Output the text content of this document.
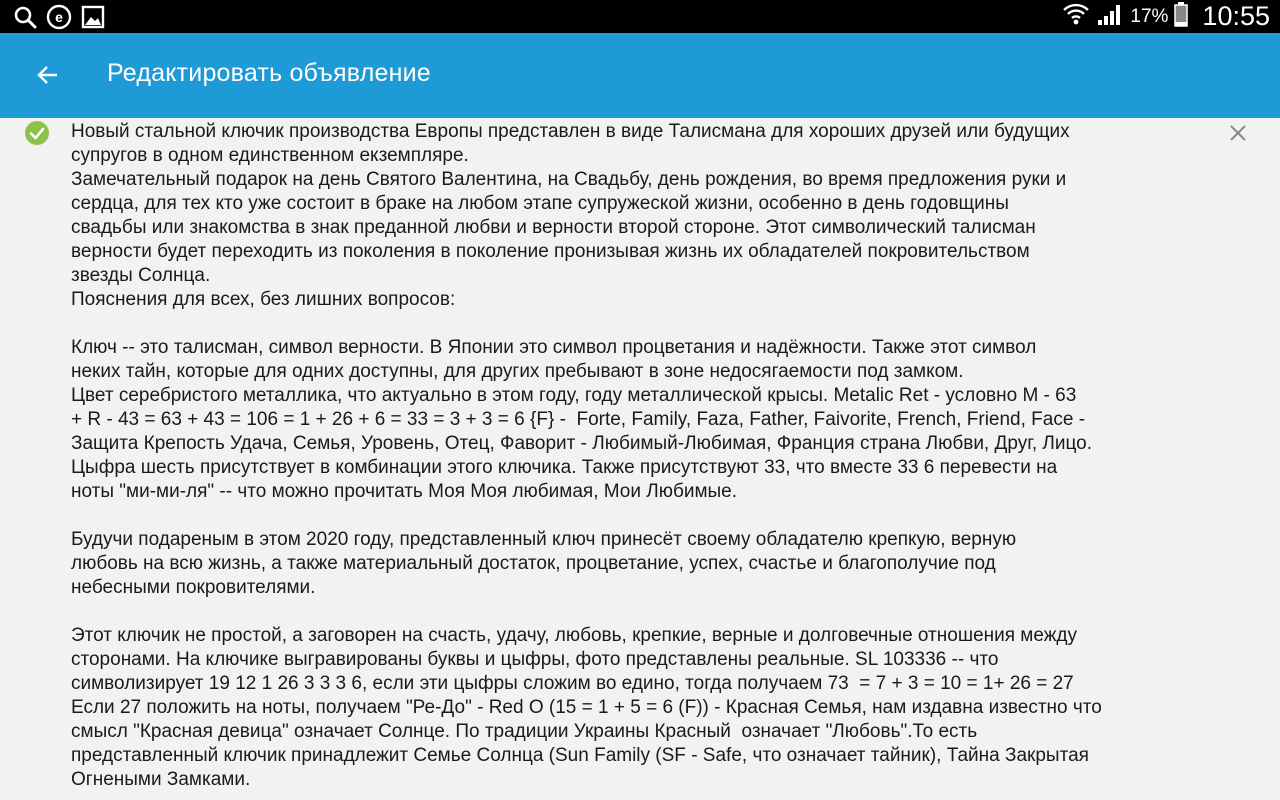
e	17% 10:55
Редактировать объявление

Новый стальной ключик производства Европы представлен в виде Талисмана для хороших друзей или будущих
супругов в одном единственном екземпляре.
Замечательный подарок на день Святого Валентина, на Свадьбу, день рождения, во время предложения руки и
сердца, для тех кто уже состоит в браке на любом этапе супружеской жизни, особенно в день годовщины
свадьбы или знакомства в знак преданной любви и верности второй стороне. Этот символический талисман
верности будет переходить из поколения в поколение пронизывая жизнь их обладателей покровительством
звезды Солнца.
Пояснения для всех, без лишних вопросов:

Ключ -- это талисман, символ верности. В Японии это символ процветания и надёжности. Также этот символ
неких тайн, которые для одних доступны, для других пребывают в зоне недосягаемости под замком.
Цвет серебристого металлика, что актуально в этом году, году металлической крысы. Metalic Ret - условно M - 63
+ R - 43 = 63 + 43 = 106 = 1 + 26 + 6 = 33 = 3 + 3 = 6 {F} -  Forte, Family, Faza, Father, Faivorite, French, Friend, Face -
Защита Крепость Удача, Семья, Уровень, Отец, Фаворит - Любимый-Любимая, Франция страна Любви, Друг, Лицо.
Цыфра шесть присутствует в комбинации этого ключика. Также присутствуют 33, что вместе 33 6 перевести на
ноты "ми-ми-ля" -- что можно прочитать Моя Моя любимая, Мои Любимые.

Будучи подареным в этом 2020 году, представленный ключ принесёт своему обладателю крепкую, верную
любовь на всю жизнь, а также материальный достаток, процветание, успех, счастье и благополучие под
небесными покровителями.

Этот ключик не простой, а заговорен на счасть, удачу, любовь, крепкие, верные и долговечные отношения между
сторонами. На ключике выгравированы буквы и цыфры, фото представлены реальные. SL 103336 -- что
символизирует 19 12 1 26 3 3 3 6, если эти цыфры сложим во едино, тогда получаем 73  = 7 + 3 = 10 = 1+ 26 = 27
Если 27 положить на ноты, получаем "Ре-До" - Red O (15 = 1 + 5 = 6 (F)) - Красная Семья, нам издавна известно что
смысл "Красная девица" означает Солнце. По традиции Украины Красный  означает "Любовь".То есть
представленный ключик принадлежит Семье Солнца (Sun Family (SF - Safe, что означает тайник), Тайна Закрытая
Огнеными Замками.
